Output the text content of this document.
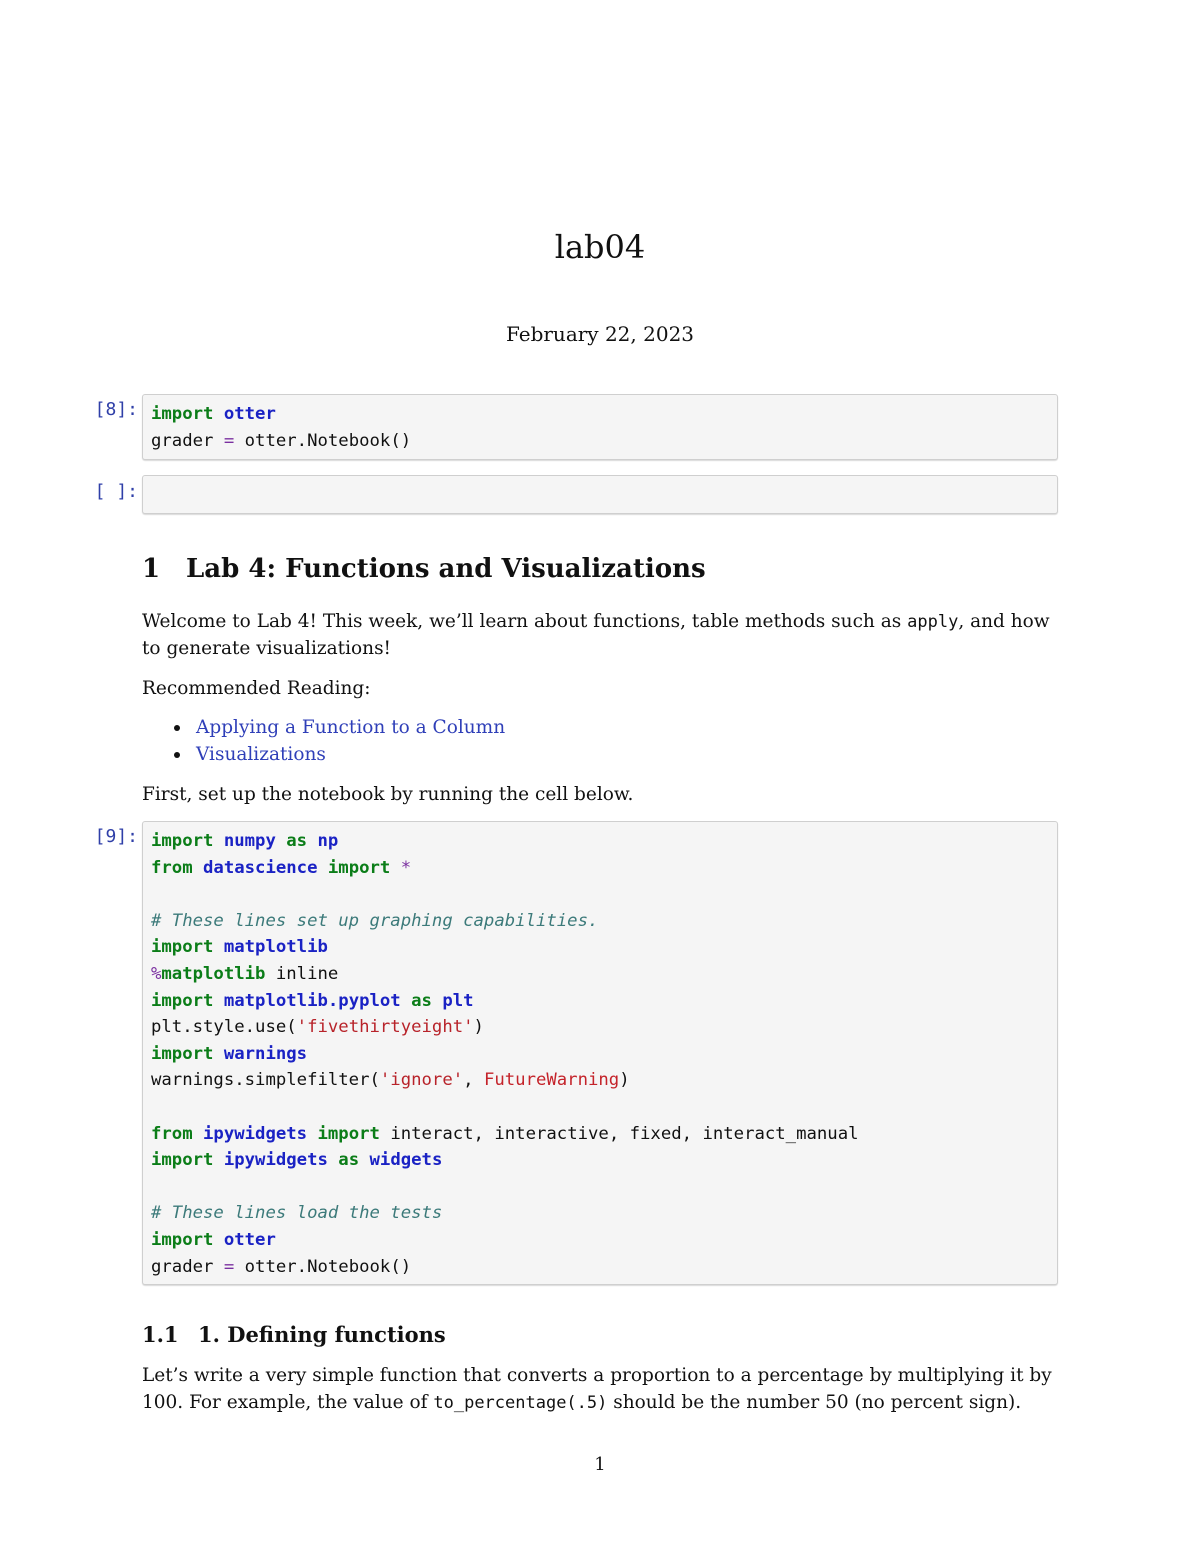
lab04
February 22, 2023
[8]: import otter
grader = otter.Notebook()
[ ]:
1 Lab 4: Functions and Visualizations
Welcome to Lab 4! This week, we’ll learn about functions, table methods such as apply, and how to generate visualizations!
Recommended Reading:
Applying a Function to a Column
Visualizations
First, set up the notebook by running the cell below.
[9]: import numpy as np
from datascience import *

# These lines set up graphing capabilities.
import matplotlib
%matplotlib inline
import matplotlib.pyplot as plt
plt.style.use('fivethirtyeight')
import warnings
warnings.simplefilter('ignore', FutureWarning)

from ipywidgets import interact, interactive, fixed, interact_manual
import ipywidgets as widgets

# These lines load the tests
import otter
grader = otter.Notebook()
1.1 1. Defining functions
Let’s write a very simple function that converts a proportion to a percentage by multiplying it by 100. For example, the value of to_percentage(.5) should be the number 50 (no percent sign).
1
